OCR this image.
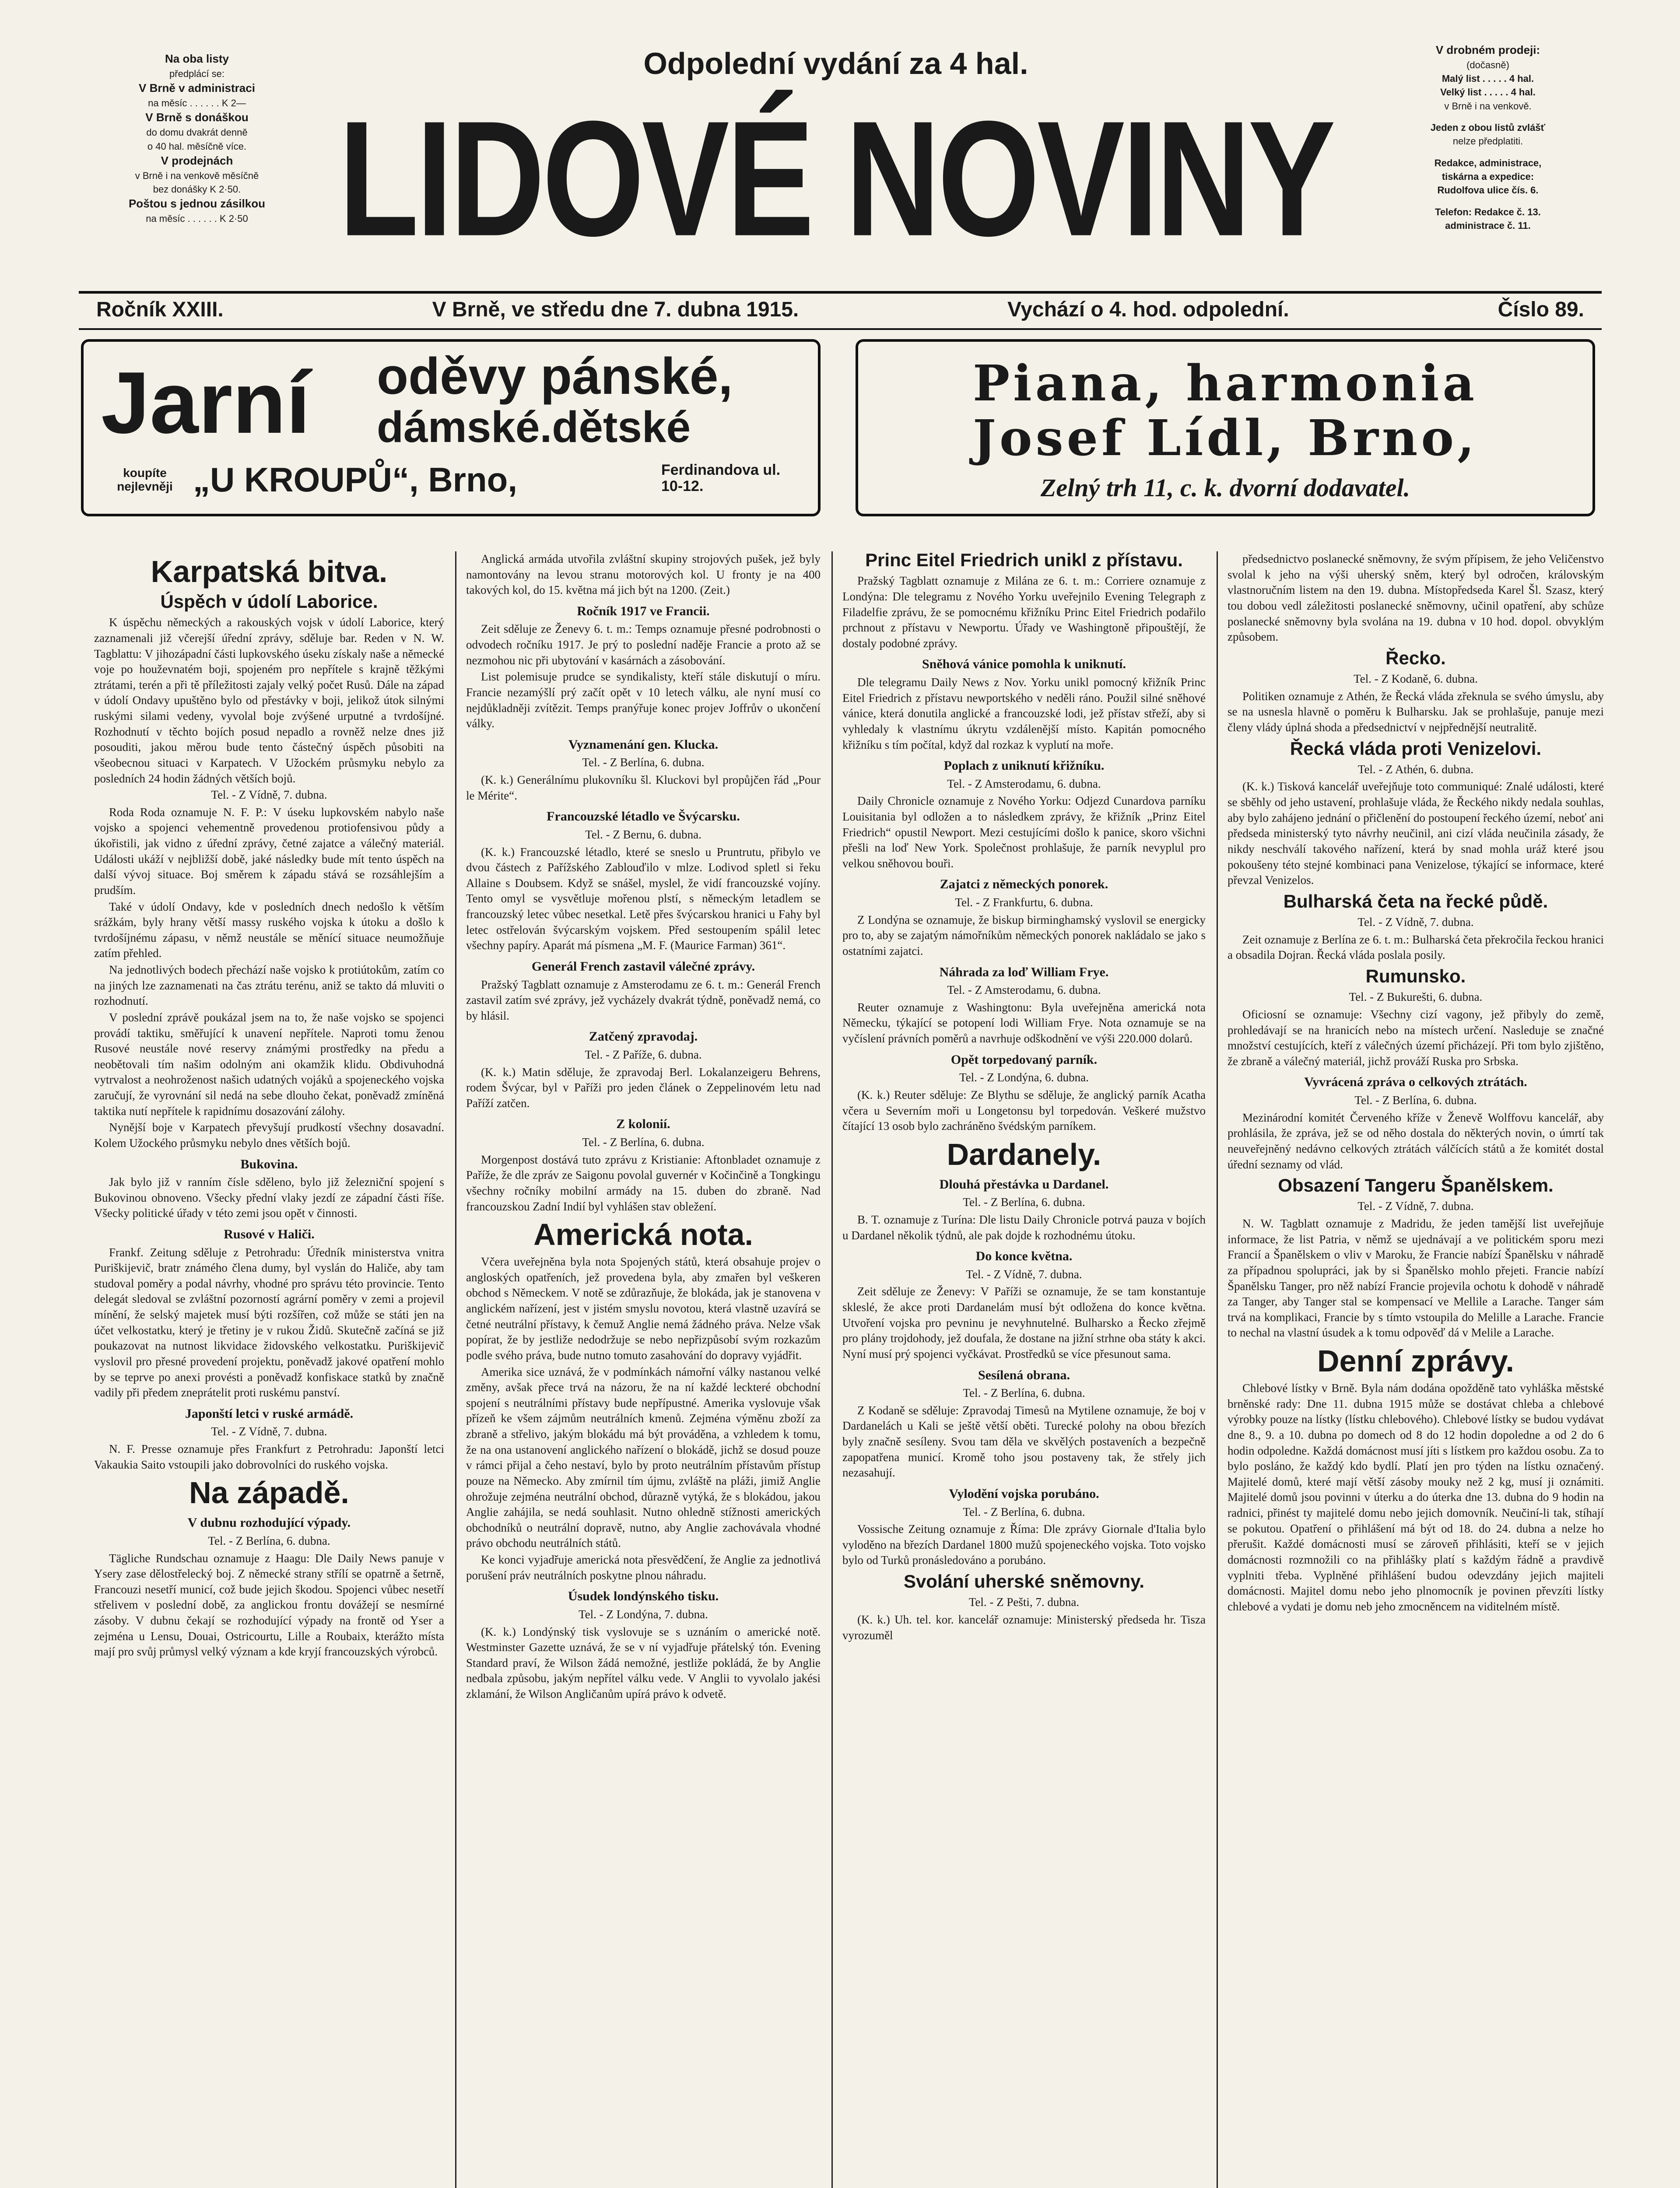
Na oba listy

předplácí se:

V Brně v administraci

na měsíc . . . . . . K 2—

V Brně s donáškou

do domu dvakrát denně

o 40 hal. měsíčně více.

V prodejnách

v Brně i na venkově měsíčně

bez donášky K 2·50.

Poštou s jednou zásilkou

na měsíc . . . . . . K 2·50

Odpolední vydání za 4 hal.
LIDOVÉ NOVINY

V drobném prodeji:

(dočasně)

Malý list . . . . . 4 hal.

Velký list . . . . . 4 hal.

v Brně i na venkově.

Jeden z obou listů zvlášť

nelze předplatiti.

Redakce, administrace,

tiskárna a expedice:

Rudolfova ulice čís. 6.

Telefon: Redakce č. 13.

administrace č. 11.

Ročník XXIII.	V Brně, ve středu dne 7. dubna 1915.	Vychází o 4. hod. odpolední.	Číslo 89.
Jarní oděvy pánské,
dámské.dětské
koupíte nejlevněji „U KROUPŮ“, Brno,	Ferdinandova ul. 10-12.
Piana, harmonia
Josef Lídl, Brno,
Zelný trh 11, c. k. dvorní dodavatel.

Karpatská bitva.

Úspěch v údolí Laborice.

K úspěchu německých a rakouských vojsk v údolí Laborice, který zaznamenali již včerejší úřední zprávy, sděluje bar. Reden v N. W. Tagblattu: V jihozápadní části lupkovského úseku získaly naše a německé voje po houževnatém boji, spojeném pro nepřítele s krajně těžkými ztrátami, terén a při tě příležitosti zajaly velký počet Rusů. Dále na západ v údolí Ondavy upuštěno bylo od přestávky v boji, jelikož útok silnými ruskými silami vedeny, vyvolal boje zvýšené urputné a tvrdošíjné. Rozhodnutí v těchto bojích posud nepadlo a rovněž nelze dnes již posouditi, jakou měrou bude tento částečný úspěch působiti na všeobecnou situaci v Karpatech. V Užockém průsmyku nebylo za posledních 24 hodin žádných větších bojů.

Tel. - Z Vídně, 7. dubna.

Roda Roda oznamuje N. F. P.: V úseku lupkovském nabylo naše vojsko a spojenci vehementně provedenou protiofensivou půdy a úkořistili, jak vidno z úřední zprávy, četné zajatce a válečný materiál. Události ukáží v nejbližší době, jaké následky bude mít tento úspěch na další vývoj situace. Boj směrem k západu stává se rozsáhlejším a prudším.

Také v údolí Ondavy, kde v posledních dnech nedošlo k větším srážkám, byly hrany větší massy ruského vojska k útoku a došlo k tvrdošíjnému zápasu, v němž neustále se měnící situace neumožňuje zatím přehled.

Na jednotlivých bodech přechází naše vojsko k protiútokům, zatím co na jiných lze zaznamenati na čas ztrátu terénu, aniž se takto dá mluviti o rozhodnutí.

V poslední zprávě poukázal jsem na to, že naše vojsko se spojenci provádí taktiku, směřující k unavení nepřítele. Naproti tomu ženou Rusové neustále nové reservy známými prostředky na předu a neobětovali tím našim odolným ani okamžik klidu. Obdivuhodná vytrvalost a neohroženost našich udatných vojáků a spojeneckého vojska zaručují, že vyrovnání sil nedá na sebe dlouho čekat, poněvadž zmíněná taktika nutí nepřítele k rapidnímu dosazování zálohy.

Nynější boje v Karpatech převyšují prudkostí všechny dosavadní. Kolem Užockého průsmyku nebylo dnes větších bojů.

Bukovina.

Jak bylo již v ranním čísle sděleno, bylo již železniční spojení s Bukovinou obnoveno. Všecky přední vlaky jezdí ze západní části říše. Všecky politické úřady v této zemi jsou opět v činnosti.

Rusové v Haliči.

Frankf. Zeitung sděluje z Petrohradu: Úředník ministerstva vnitra Puriškijevič, bratr známého člena dumy, byl vyslán do Haliče, aby tam studoval poměry a podal návrhy, vhodné pro správu této provincie. Tento delegát sledoval se zvláštní pozorností agrární poměry v zemi a projevil mínění, že selský majetek musí býti rozšířen, což může se státi jen na účet velkostatku, který je třetiny je v rukou Židů. Skutečně začíná se již poukazovat na nutnost likvidace židovského velkostatku. Puriškijevič vyslovil pro přesné provedení projektu, poněvadž jakové opatření mohlo by se teprve po anexi provésti a poněvadž konfiskace statků by značně vadily při předem zneprátelit proti ruskému panství.

Japonští letci v ruské armádě.

Tel. - Z Vídně, 7. dubna.

N. F. Presse oznamuje přes Frankfurt z Petrohradu: Japonští letci Vakaukia Saito vstoupili jako dobrovolníci do ruského vojska.

Na západě.

V dubnu rozhodující výpady.

Tel. - Z Berlína, 6. dubna.

Tägliche Rundschau oznamuje z Haagu: Dle Daily News panuje v Ysery zase dělostřelecký boj. Z německé strany střílí se opatrně a šetrně, Francouzi nesetří municí, což bude jejich škodou. Spojenci vůbec nesetří střelivem v poslední době, za anglickou frontu dovážejí se nesmírné zásoby. V dubnu čekají se rozhodující výpady na frontě od Yser a zejména u Lensu, Douai, Ostricourtu, Lille a Roubaix, kterážto místa mají pro svůj průmysl velký význam a kde kryjí francouzských výrobců.

Anglická armáda utvořila zvláštní skupiny strojových pušek, jež byly namontovány na levou stranu motorových kol. U fronty je na 400 takových kol, do 15. května má jich být na 1200. (Zeit.)

Ročník 1917 ve Francii.

Zeit sděluje ze Ženevy 6. t. m.: Temps oznamuje přesné podrobnosti o odvodech ročníku 1917. Je prý to poslední naděje Francie a proto až se nezmohou nic při ubytování v kasárnách a zásobování.

List polemisuje prudce se syndikalisty, kteří stále diskutují o míru. Francie nezamýšlí prý začít opět v 10 letech válku, ale nyní musí co nejdůkladněji zvítězit. Temps pranýřuje konec projev Joffrův o ukončení války.

Vyznamenání gen. Klucka.

Tel. - Z Berlína, 6. dubna.

(K. k.) Generálnímu plukovníku šl. Kluckovi byl propůjčen řád „Pour le Mérite“.

Francouzské létadlo ve Švýcarsku.

Tel. - Z Bernu, 6. dubna.

(K. k.) Francouzské létadlo, které se sneslo u Pruntrutu, přibylo ve dvou částech z Pařížského Zablouďilo v mlze. Lodivod spletl si řeku Allaine s Doubsem. Když se snášel, myslel, že vidí francouzské vojíny. Tento omyl se vysvětluje mořenou plstí, s německým letadlem se francouzský letec vůbec nesetkal. Letě přes švýcarskou hranici u Fahy byl letec ostřelován švýcarským vojskem. Před sestoupením spálil letec všechny papíry. Aparát má písmena „M. F. (Maurice Farman) 361“.

Generál French zastavil válečné zprávy.

Pražský Tagblatt oznamuje z Amsterodamu ze 6. t. m.: Generál French zastavil zatím své zprávy, jež vycházely dvakrát týdně, poněvadž nemá, co by hlásil.

Zatčený zpravodaj.

Tel. - Z Paříže, 6. dubna.

(K. k.) Matin sděluje, že zpravodaj Berl. Lokalanzeigeru Behrens, rodem Švýcar, byl v Paříži pro jeden článek o Zeppelinovém letu nad Paříží zatčen.

Z kolonií.

Tel. - Z Berlína, 6. dubna.

Morgenpost dostává tuto zprávu z Kristianie: Aftonbladet oznamuje z Paříže, že dle zpráv ze Saigonu povolal guvernér v Kočinčině a Tongkingu všechny ročníky mobilní armády na 15. duben do zbraně. Nad francouzskou Zadní Indií byl vyhlášen stav obležení.

Americká nota.

Včera uveřejněna byla nota Spojených států, která obsahuje projev o angloských opatřeních, jež provedena byla, aby zmařen byl veškeren obchod s Německem. V notě se zdůrazňuje, že blokáda, jak je stanovena v anglickém nařízení, jest v jistém smyslu novotou, která vlastně uzavírá se četné neutrální přístavy, k čemuž Anglie nemá žádného práva. Nelze však popírat, že by jestliže nedodržuje se nebo nepřizpůsobí svým rozkazům podle svého práva, bude nutno tomuto zasahování do dopravy vyjádřit.

Amerika sice uznává, že v podmínkách námořní války nastanou velké změny, avšak přece trvá na názoru, že na ní každé leckteré obchodní spojení s neutrálními přístavy bude nepřípustné. Amerika vyslovuje však přízeň ke všem zájmům neutrálních kmenů. Zejména výměnu zboží za zbraně a střelivo, jakým blokádu má být prováděna, a vzhledem k tomu, že na ona ustanovení anglického nařízení o blokádě, jichž se dosud pouze v rámci přijal a čeho nestaví, bylo by proto neutrálním přístavům přístup pouze na Německo. Aby zmírnil tím újmu, zvláště na pláži, jimiž Anglie ohrožuje zejména neutrální obchod, důrazně vytýká, že s blokádou, jakou Anglie zahájila, se nedá souhlasit. Nutno ohledně stížnosti amerických obchodníků o neutrální dopravě, nutno, aby Anglie zachovávala vhodné právo obchodu neutrálních států.

Ke konci vyjadřuje americká nota přesvědčení, že Anglie za jednotlivá porušení práv neutrálních poskytne plnou náhradu.

Úsudek londýnského tisku.

Tel. - Z Londýna, 7. dubna.

(K. k.) Londýnský tisk vyslovuje se s uznáním o americké notě. Westminster Gazette uznává, že se v ní vyjadřuje přátelský tón. Evening Standard praví, že Wilson žádá nemožné, jestliže pokládá, že by Anglie nedbala způsobu, jakým nepřítel válku vede. V Anglii to vyvolalo jakési zklamání, že Wilson Angličanům upírá právo k odvetě.

Princ Eitel Friedrich unikl z přístavu.

Pražský Tagblatt oznamuje z Milána ze 6. t. m.: Corriere oznamuje z Londýna: Dle telegramu z Nového Yorku uveřejnilo Evening Telegraph z Filadelfie zprávu, že se pomocnému křižníku Princ Eitel Friedrich podařilo prchnout z přístavu v Newportu. Úřady ve Washingtoně připouštějí, že dostaly podobné zprávy.

Sněhová vánice pomohla k uniknutí.

Dle telegramu Daily News z Nov. Yorku unikl pomocný křižník Princ Eitel Friedrich z přístavu newportského v neděli ráno. Použil silné sněhové vánice, která donutila anglické a francouzské lodi, jež přístav střeží, aby si vyhledaly k vlastnímu úkrytu vzdálenější místo. Kapitán pomocného křižníku s tím počítal, když dal rozkaz k vyplutí na moře.

Poplach z uniknutí křižníku.

Tel. - Z Amsterodamu, 6. dubna.

Daily Chronicle oznamuje z Nového Yorku: Odjezd Cunardova parníku Louisitania byl odložen a to následkem zprávy, že křižník „Prinz Eitel Friedrich“ opustil Newport. Mezi cestujícími došlo k panice, skoro všichni přešli na loď New York. Společnost prohlašuje, že parník nevyplul pro velkou sněhovou bouři.

Zajatci z německých ponorek.

Tel. - Z Frankfurtu, 6. dubna.

Z Londýna se oznamuje, že biskup birminghamský vyslovil se energicky pro to, aby se zajatým námořníkům německých ponorek nakládalo se jako s ostatními zajatci.

Náhrada za loď William Frye.

Tel. - Z Amsterodamu, 6. dubna.

Reuter oznamuje z Washingtonu: Byla uveřejněna americká nota Německu, týkající se potopení lodi William Frye. Nota oznamuje se na vyčíslení právních poměrů a navrhuje odškodnění ve výši 220.000 dolarů.

Opět torpedovaný parník.

Tel. - Z Londýna, 6. dubna.

(K. k.) Reuter sděluje: Ze Blythu se sděluje, že anglický parník Acatha včera u Severním moři u Longetonsu byl torpedován. Veškeré mužstvo čítající 13 osob bylo zachráněno švédským parníkem.

Dardanely.

Dlouhá přestávka u Dardanel.

Tel. - Z Berlína, 6. dubna.

B. T. oznamuje z Turína: Dle listu Daily Chronicle potrvá pauza v bojích u Dardanel několik týdnů, ale pak dojde k rozhodnému útoku.

Do konce května.

Tel. - Z Vídně, 7. dubna.

Zeit sděluje ze Ženevy: V Paříži se oznamuje, že se tam konstantuje skleslé, že akce proti Dardanelám musí být odložena do konce května. Utvoření vojska pro pevninu je nevyhnutelné. Bulharsko a Řecko zřejmě pro plány trojdohody, jež doufala, že dostane na jižní strhne oba státy k akci. Nyní musí prý spojenci vyčkávat. Prostředků se více přesunout sama.

Sesílená obrana.

Tel. - Z Berlína, 6. dubna.

Z Kodaně se sděluje: Zpravodaj Timesů na Mytilene oznamuje, že boj v Dardanelách u Kali se ještě větší oběti. Turecké polohy na obou březích byly značně sesíleny. Svou tam děla ve skvělých postaveních a bezpečně zapopatřena municí. Kromě toho jsou postaveny tak, že střely jich nezasahují.

Vylodění vojska porubáno.

Tel. - Z Berlína, 6. dubna.

Vossische Zeitung oznamuje z Říma: Dle zprávy Giornale d'Italia bylo vyloděno na březích Dardanel 1800 mužů spojeneckého vojska. Toto vojsko bylo od Turků pronásledováno a porubáno.

Svolání uherské sněmovny.

Tel. - Z Pešti, 7. dubna.

(K. k.) Uh. tel. kor. kancelář oznamuje: Ministerský předseda hr. Tisza vyrozuměl

předsednictvo poslanecké sněmovny, že svým přípisem, že jeho Veličenstvo svolal k jeho na výši uherský sněm, který byl odročen, královským vlastnoručním listem na den 19. dubna. Místopředseda Karel Šl. Szasz, který tou dobou vedl záležitosti poslanecké sněmovny, učinil opatření, aby schůze poslanecké sněmovny byla svolána na 19. dubna v 10 hod. dopol. obvyklým způsobem.

Řecko.

Tel. - Z Kodaně, 6. dubna.

Politiken oznamuje z Athén, že Řecká vláda zřeknula se svého úmyslu, aby se na usnesla hlavně o poměru k Bulharsku. Jak se prohlašuje, panuje mezi členy vlády úplná shoda a předsednictví v nejpřednější neutralitě.

Řecká vláda proti Venizelovi.

Tel. - Z Athén, 6. dubna.

(K. k.) Tisková kancelář uveřejňuje toto communiqué: Znalé události, které se sběhly od jeho ustavení, prohlašuje vláda, že Řeckého nikdy nedala souhlas, aby bylo zahájeno jednání o přičlenění do postoupení řeckého území, neboť ani předseda ministerský tyto návrhy neučinil, ani cizí vláda neučinila zásady, že nikdy neschválí takového nařízení, která by snad mohla uráž které jsou pokoušeny této stejné kombinaci pana Venizelose, týkající se informace, které převzal Venizelos.

Bulharská četa na řecké půdě.

Tel. - Z Vídně, 7. dubna.

Zeit oznamuje z Berlína ze 6. t. m.: Bulharská četa překročila řeckou hranici a obsadila Dojran. Řecká vláda poslala posily.

Rumunsko.

Tel. - Z Bukurešti, 6. dubna.

Oficiosní se oznamuje: Všechny cizí vagony, jež přibyly do země, prohledávají se na hranicích nebo na místech určení. Nasleduje se značné množství cestujících, kteří z válečných území přicházejí. Při tom bylo zjištěno, že zbraně a válečný materiál, jichž prováží Ruska pro Srbska.

Vyvrácená zpráva o celkových ztrátách.

Tel. - Z Berlína, 6. dubna.

Mezinárodní komitét Červeného kříže v Ženevě Wolffovu kancelář, aby prohlásila, že zpráva, jež se od něho dostala do některých novin, o úmrtí tak neuveřejněný nedávno celkových ztrátách válčících států a že komitét dostal úřední seznamy od vlád.

Obsazení Tangeru Španělskem.

Tel. - Z Vídně, 7. dubna.

N. W. Tagblatt oznamuje z Madridu, že jeden tamější list uveřejňuje informace, že list Patria, v němž se ujednávají a ve politickém sporu mezi Francií a Španělskem o vliv v Maroku, že Francie nabízí Španělsku v náhradě za případnou spolupráci, jak by si Španělsko mohlo přejeti. Francie nabízí Španělsku Tanger, pro něž nabízí Francie projevila ochotu k dohodě v náhradě za Tanger, aby Tanger stal se kompensací ve Mellile a Larache. Tanger sám trvá na komplikaci, Francie by s tímto vstoupila do Melille a Larache. Francie to nechal na vlastní úsudek a k tomu odpověď dá v Melile a Larache.

Denní zprávy.

Chlebové lístky v Brně. Byla nám dodána opožděně tato vyhláška městské brněnské rady: Dne 11. dubna 1915 může se dostávat chleba a chlebové výrobky pouze na lístky (lístku chlebového). Chlebové lístky se budou vydávat dne 8., 9. a 10. dubna po domech od 8 do 12 hodin dopoledne a od 2 do 6 hodin odpoledne. Každá domácnost musí jíti s lístkem pro každou osobu. Za to bylo posláno, že každý kdo bydlí. Platí jen pro týden na lístku označený. Majitelé domů, které mají větší zásoby mouky než 2 kg, musí ji oznámiti. Majitelé domů jsou povinni v úterku a do úterka dne 13. dubna do 9 hodin na radnici, přinést ty majitelé domu nebo jejich domovník. Neučiní-li tak, stíhají se pokutou. Opatření o přihlášení má být od 18. do 24. dubna a nelze ho přerušit. Každé domácnosti musí se zároveň přihlásiti, kteří se v jejich domácnosti rozmnožili co na přihlášky platí s každým řádně a pravdivě vyplniti třeba. Vyplněné přihlášení budou odevzdány jejich majiteli domácnosti. Majitel domu nebo jeho plnomocník je povinen převzíti lístky chlebové a vydati je domu neb jeho zmocněncem na viditelném místě.
